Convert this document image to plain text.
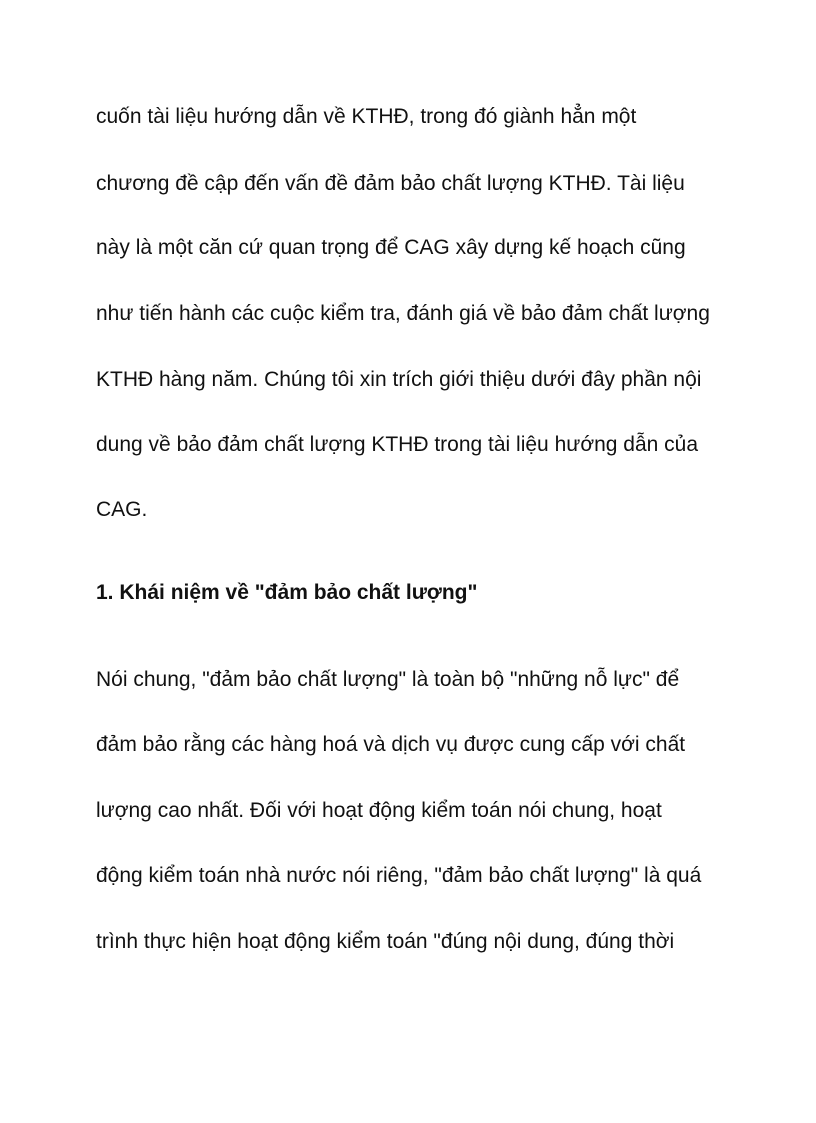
cuốn tài liệu hướng dẫn về KTHĐ, trong đó giành hẳn một

chương đề cập đến vấn đề đảm bảo chất lượng KTHĐ. Tài liệu

này là một căn cứ quan trọng để CAG xây dựng kế hoạch cũng

như tiến hành các cuộc kiểm tra, đánh giá về bảo đảm chất lượng

KTHĐ hàng năm. Chúng tôi xin trích giới thiệu dưới đây phần nội

dung về bảo đảm chất lượng KTHĐ trong tài liệu hướng dẫn của

CAG.

1. Khái niệm về "đảm bảo chất lượng"

Nói chung, "đảm bảo chất lượng" là toàn bộ "những nỗ lực" để

đảm bảo rằng các hàng hoá và dịch vụ được cung cấp với chất

lượng cao nhất. Đối với hoạt động kiểm toán nói chung, hoạt

động kiểm toán nhà nước nói riêng, "đảm bảo chất lượng" là quá

trình thực hiện hoạt động kiểm toán "đúng nội dung, đúng thời
